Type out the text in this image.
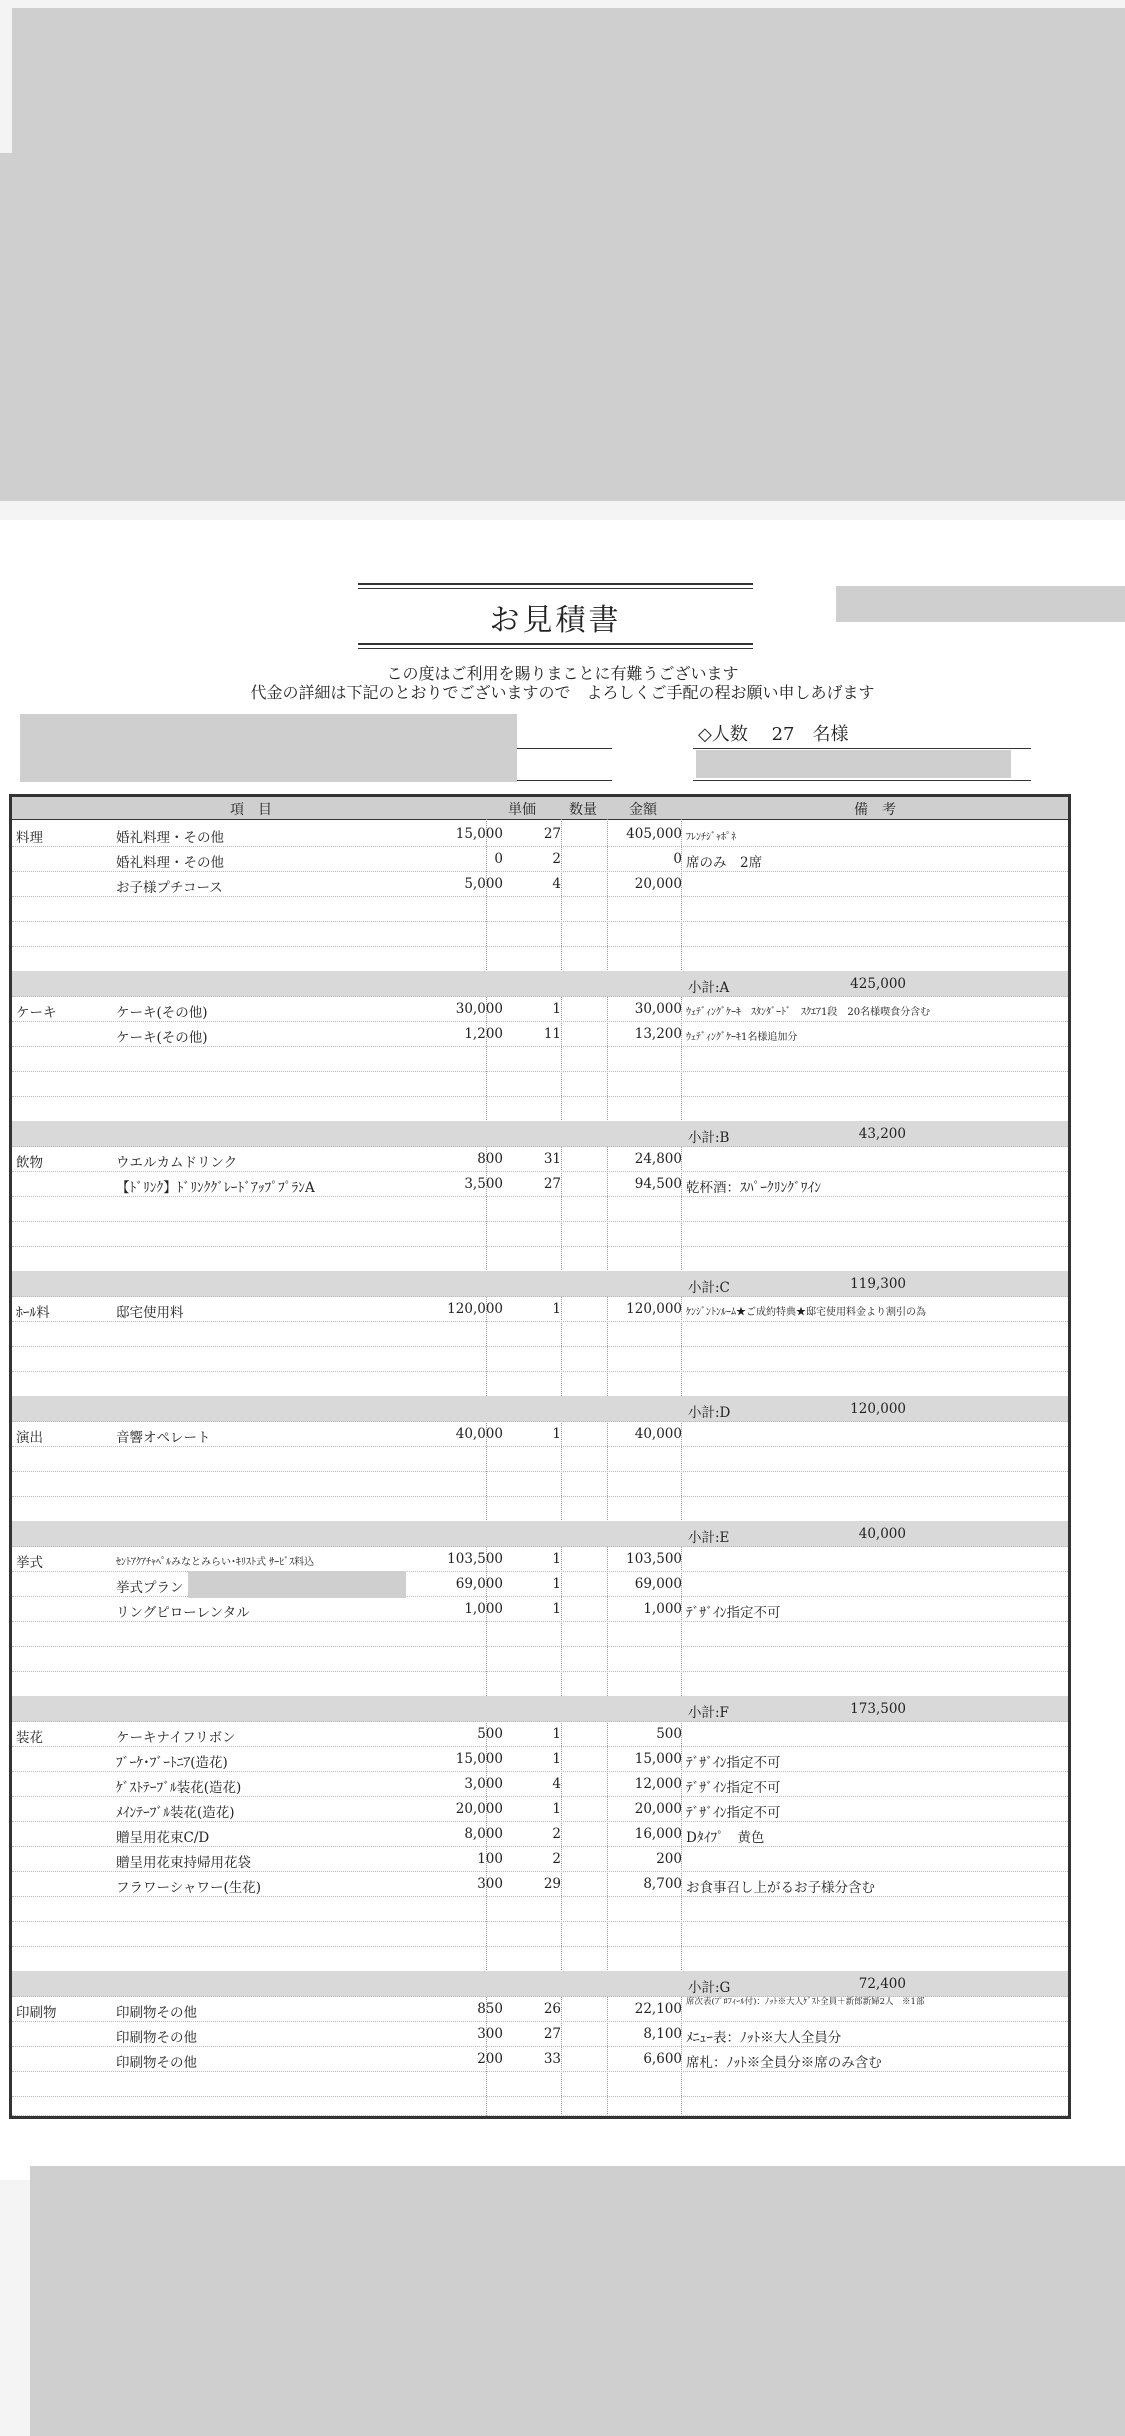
お見積書
この度はご利用を賜りまことに有難うございます
代金の詳細は下記のとおりでございますので　よろしくご手配の程お願い申しあげます
◇人数　 27　名様
項　目	単価 数量 金額	備　考
料理	婚礼料理・その他	15,000	27	405,000 ﾌﾚﾝﾁｼﾞｬﾎﾟﾈ
婚礼料理・その他	0	2	0 席のみ　2席
お子様プチコース	5,000	4	20,000
小計:A	425,000
ケーキ	ケーキ(その他)	30,000	1	30,000 ｳｪﾃﾞｨﾝｸﾞｹｰｷ　ｽﾀﾝﾀﾞｰﾄﾞ　ｽｸｴｱ1段　20名様喫食分含む
ケーキ(その他)	1,200	11	13,200 ｳｪﾃﾞｨﾝｸﾞｹｰｷ1名様追加分
小計:B	43,200
飲物	ウエルカムドリンク	800	31	24,800
【ﾄﾞﾘﾝｸ】ﾄﾞﾘﾝｸｸﾞﾚｰﾄﾞｱｯﾌﾟﾌﾟﾗﾝA	3,500	27	94,500 乾杯酒：ｽﾊﾟｰｸﾘﾝｸﾞﾜｲﾝ
小計:C	119,300
ﾎｰﾙ料	邸宅使用料	120,000	1	120,000 ｹﾝｼﾞﾝﾄﾝﾙｰﾑ★ご成約特典★邸宅使用料金より割引の為
小計:D	120,000
演出	音響オペレート	40,000	1	40,000
小計:E	40,000
挙式	ｾﾝﾄｱｸｱﾁｬﾍﾟﾙみなとみらい･ｷﾘｽﾄ式 ｻｰﾋﾞｽ料込	103,500	1	103,500
挙式プラン	69,000	1	69,000
リングピローレンタル	1,000	1	1,000 ﾃﾞｻﾞｲﾝ指定不可
小計:F	173,500
装花	ケーキナイフリボン	500	1	500
ﾌﾞｰｹ･ﾌﾞｰﾄﾆｱ(造花)	15,000	1	15,000 ﾃﾞｻﾞｲﾝ指定不可
ｹﾞｽﾄﾃｰﾌﾞﾙ装花(造花)	3,000	4	12,000 ﾃﾞｻﾞｲﾝ指定不可
ﾒｲﾝﾃｰﾌﾞﾙ装花(造花)	20,000	1	20,000 ﾃﾞｻﾞｲﾝ指定不可
贈呈用花束C/D	8,000	2	16,000 Dﾀｲﾌﾟ　黄色
贈呈用花束持帰用花袋	100	2	200
フラワーシャワー(生花)	300	29	8,700 お食事召し上がるお子様分含む
小計:G	72,400
印刷物	印刷物その他	850	26	22,100 席次表(ﾌﾟﾛﾌｨｰﾙ付)：ﾉｯﾄ※大人ｹﾞｽﾄ全員＋新郎新婦2人　※1部
印刷物その他	300	27	8,100 ﾒﾆｭｰ表：ﾉｯﾄ※大人全員分
印刷物その他	200	33	6,600 席札：ﾉｯﾄ※全員分※席のみ含む
